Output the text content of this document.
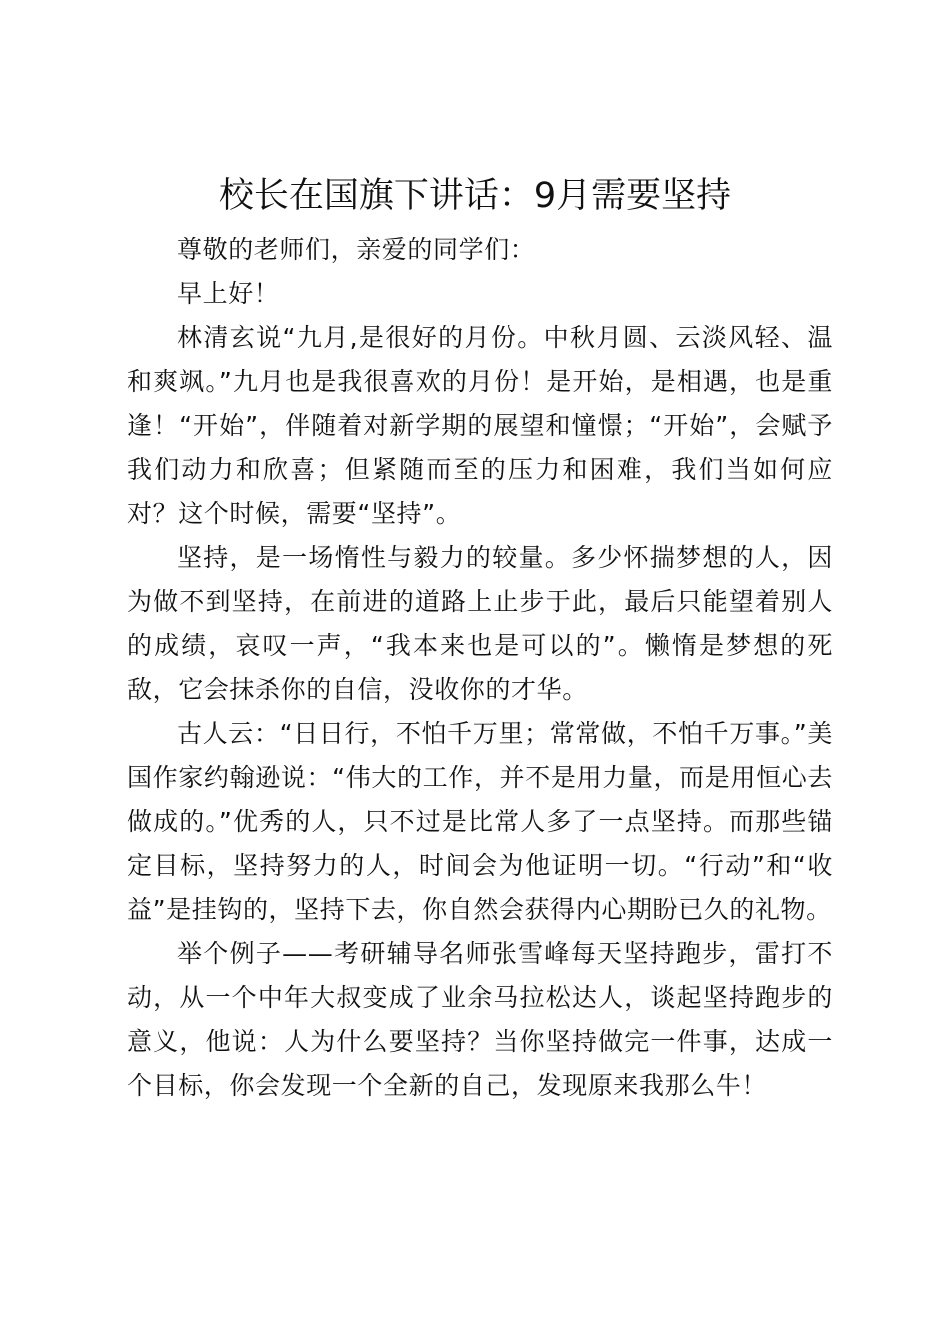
校长在国旗下讲话：9月需要坚持

尊敬的老师们，亲爱的同学们：

早上好！

林清玄说“九月,是很好的月份。中秋月圆、云淡风轻、温和爽飒。”九月也是我很喜欢的月份！是开始，是相遇，也是重逢！“开始”，伴随着对新学期的展望和憧憬；“开始”，会赋予我们动力和欣喜；但紧随而至的压力和困难，我们当如何应对？这个时候，需要“坚持”。

坚持，是一场惰性与毅力的较量。多少怀揣梦想的人，因为做不到坚持，在前进的道路上止步于此，最后只能望着别人的成绩，哀叹一声，“我本来也是可以的”。懒惰是梦想的死敌，它会抹杀你的自信，没收你的才华。

古人云：“日日行，不怕千万里；常常做，不怕千万事。”美国作家约翰逊说：“伟大的工作，并不是用力量，而是用恒心去做成的。”优秀的人，只不过是比常人多了一点坚持。而那些锚定目标，坚持努力的人，时间会为他证明一切。“行动”和“收益”是挂钩的，坚持下去，你自然会获得内心期盼已久的礼物。

举个例子——考研辅导名师张雪峰每天坚持跑步，雷打不动，从一个中年大叔变成了业余马拉松达人，谈起坚持跑步的意义，他说：人为什么要坚持？当你坚持做完一件事，达成一个目标，你会发现一个全新的自己，发现原来我那么牛！
